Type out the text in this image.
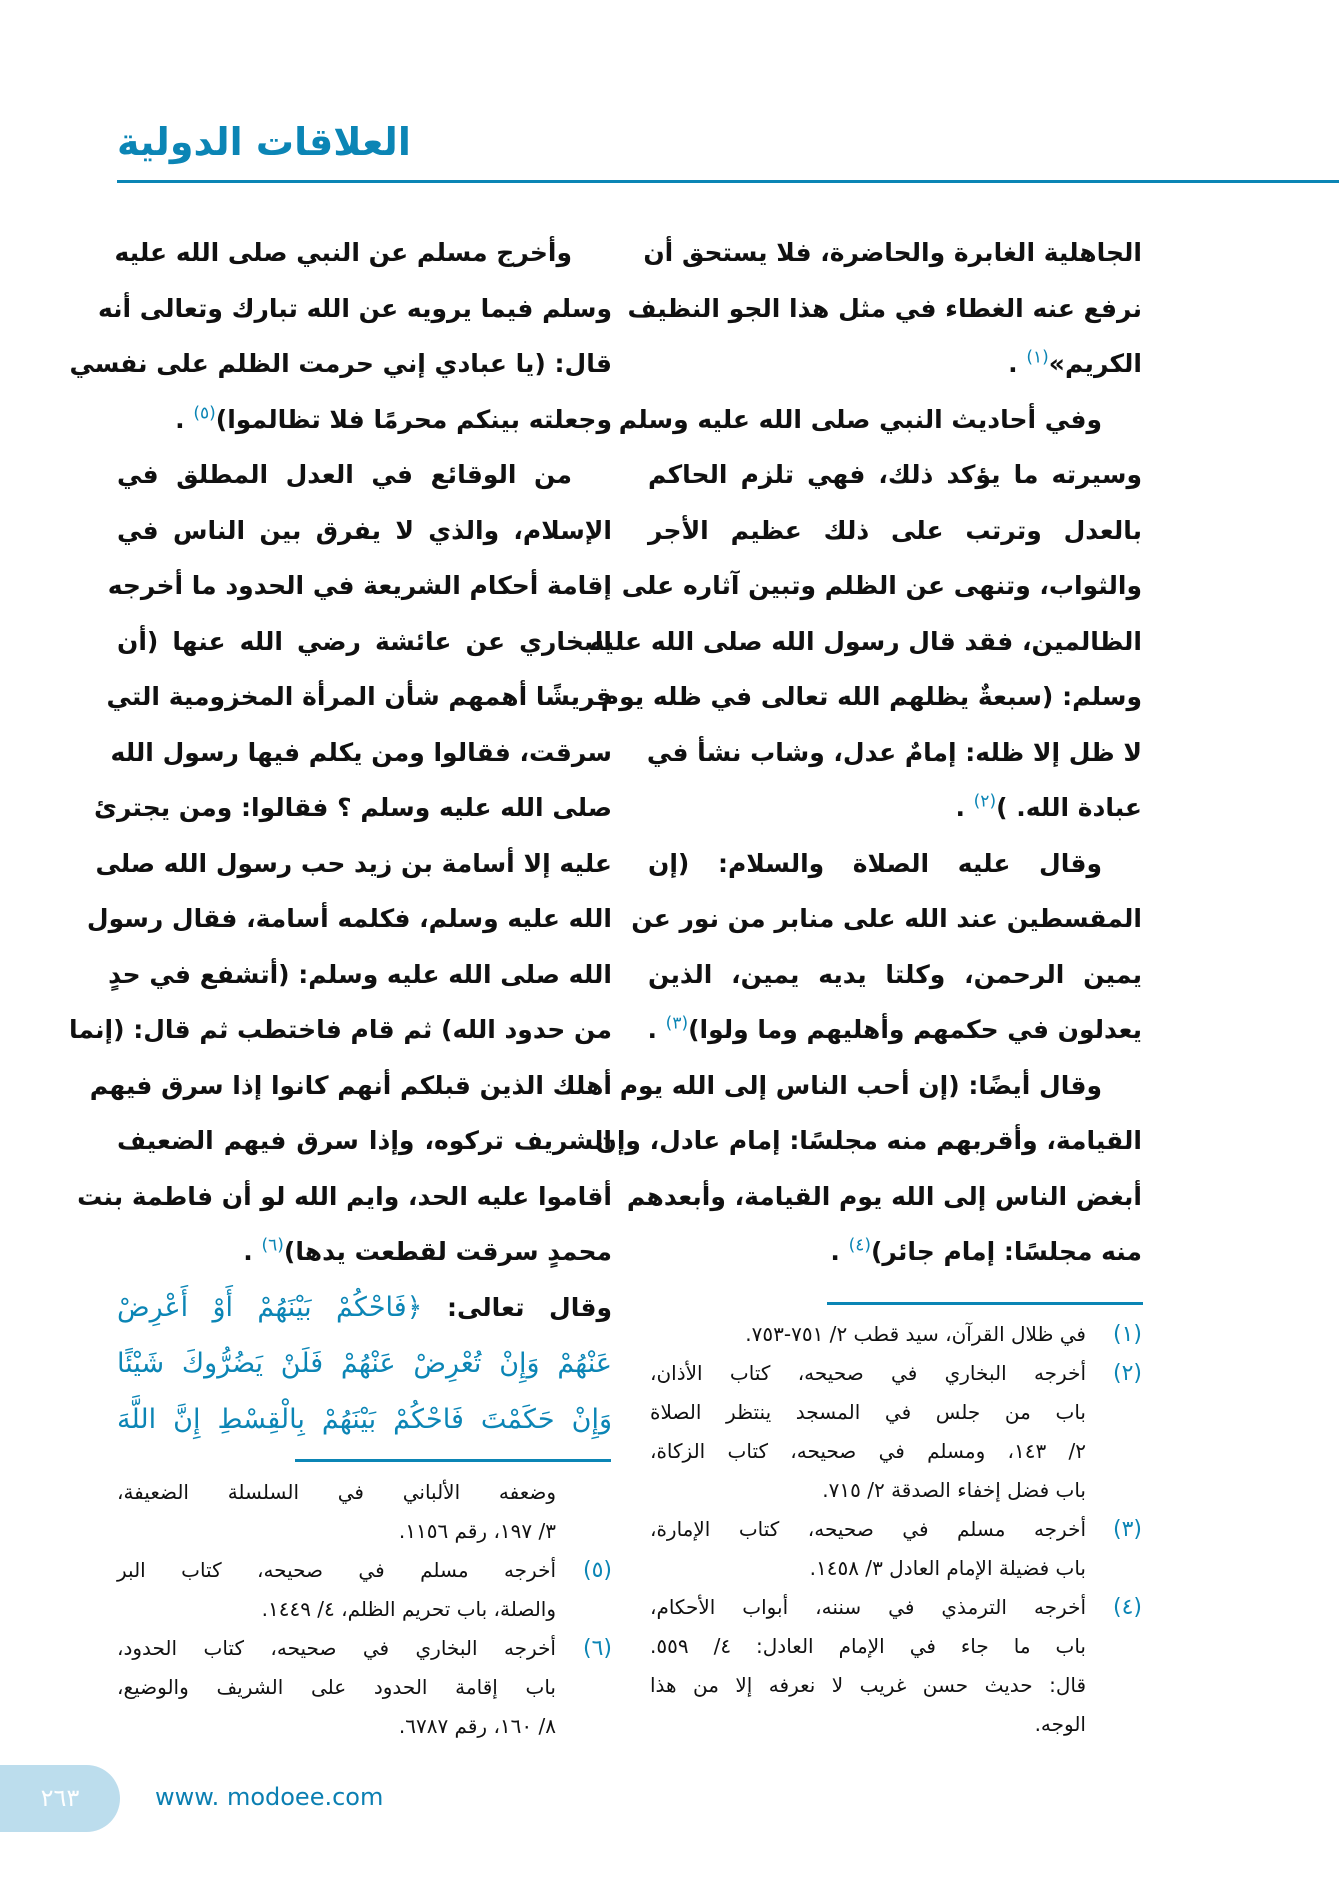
العلاقات الدولية
الجاهلية الغابرة والحاضرة، فلا يستحق أن
نرفع عنه الغطاء في مثل هذا الجو النظيف
الكريم»$^{(١)}$ .
وفي أحاديث النبي صلى الله عليه وسلم
وسيرته ما يؤكد ذلك، فهي تلزم الحاكم
بالعدل وترتب على ذلك عظيم الأجر
والثواب، وتنهى عن الظلم وتبين آثاره على
الظالمين، فقد قال رسول الله صلى الله عليه
وسلم: (سبعةٌ يظلهم الله تعالى في ظله يوم
لا ظل إلا ظله: إمامٌ عدل، وشاب نشأ في
عبادة الله. )$^{(٢)}$ .
وقال عليه الصلاة والسلام: (إن
المقسطين عند الله على منابر من نور عن
يمين الرحمن، وكلتا يديه يمين، الذين
يعدلون في حكمهم وأهليهم وما ولوا)$^{(٣)}$ .
وقال أيضًا: (إن أحب الناس إلى الله يوم
القيامة، وأقربهم منه مجلسًا: إمام عادل، وإن
أبغض الناس إلى الله يوم القيامة، وأبعدهم
منه مجلسًا: إمام جائر)$^{(٤)}$ .
وأخرج مسلم عن النبي صلى الله عليه
وسلم فيما يرويه عن الله تبارك وتعالى أنه
قال: (يا عبادي إني حرمت الظلم على نفسي
وجعلته بينكم محرمًا فلا تظالموا)$^{(٥)}$ .
من الوقائع في العدل المطلق في
الإسلام، والذي لا يفرق بين الناس في
إقامة أحكام الشريعة في الحدود ما أخرجه
البخاري عن عائشة رضي الله عنها (أن
قريشًا أهمهم شأن المرأة المخزومية التي
سرقت، فقالوا ومن يكلم فيها رسول الله
صلى الله عليه وسلم ؟ فقالوا: ومن يجترئ
عليه إلا أسامة بن زيد حب رسول الله صلى
الله عليه وسلم، فكلمه أسامة، فقال رسول
الله صلى الله عليه وسلم: (أتشفع في حدٍ
من حدود الله) ثم قام فاختطب ثم قال: (إنما
أهلك الذين قبلكم أنهم كانوا إذا سرق فيهم
الشريف تركوه، وإذا سرق فيهم الضعيف
أقاموا عليه الحد، وايم الله لو أن فاطمة بنت
محمدٍ سرقت لقطعت يدها)$^{(٦)}$ .
وقال تعالى: ﴿فَاحْكُمْ بَيْنَهُمْ أَوْ أَعْرِضْ
عَنْهُمْ وَإِنْ تُعْرِضْ عَنْهُمْ فَلَنْ يَضُرُّوكَ شَيْئًا
وَإِنْ حَكَمْتَ فَاحْكُمْ بَيْنَهُمْ بِالْقِسْطِ إِنَّ اللَّهَ
(١)
في ظلال القرآن، سيد قطب ٢/ ٧٥١-٧٥٣.
(٢)
أخرجه البخاري في صحيحه، كتاب الأذان،
باب من جلس في المسجد ينتظر الصلاة
٢/ ١٤٣، ومسلم في صحيحه، كتاب الزكاة،
باب فضل إخفاء الصدقة ٢/ ٧١٥.
(٣)
أخرجه مسلم في صحيحه، كتاب الإمارة،
باب فضيلة الإمام العادل ٣/ ١٤٥٨.
(٤)
أخرجه الترمذي في سننه، أبواب الأحكام،
باب ما جاء في الإمام العادل: ٤/ ٥٥٩.
قال: حديث حسن غريب لا نعرفه إلا من هذا
الوجه.
وضعفه الألباني في السلسلة الضعيفة،
٣/ ١٩٧، رقم ١١٥٦.
(٥)
أخرجه مسلم في صحيحه، كتاب البر
والصلة، باب تحريم الظلم، ٤/ ١٤٤٩.
(٦)
أخرجه البخاري في صحيحه، كتاب الحدود،
باب إقامة الحدود على الشريف والوضيع،
٨/ ١٦٠، رقم ٦٧٨٧.
٢٦٣	www. modoee.com
